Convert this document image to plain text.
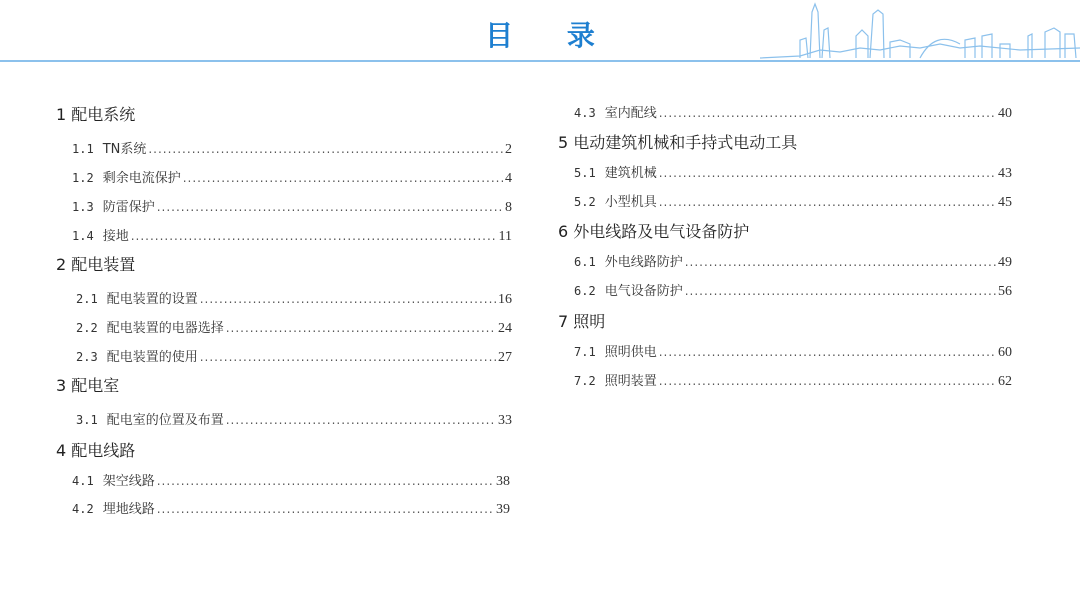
目 录
1 配电系统
1.1 TN系统 .....	2
1.2 剩余电流保护 .....	4
1.3 防雷保护 .....	8
1.4 接地 .....	11
2 配电装置
2.1 配电装置的设置 .....	16
2.2 配电装置的电器选择 .....	24
2.3 配电装置的使用 .....	27
3 配电室
3.1 配电室的位置及布置 .....	33
4 配电线路
4.1 架空线路 .....	38
4.2 埋地线路 .....	39
4.3 室内配线 .....	40
5 电动建筑机械和手持式电动工具
5.1 建筑机械 .....	43
5.2 小型机具 .....	45
6 外电线路及电气设备防护
6.1 外电线路防护 .....	49
6.2 电气设备防护 .....	56
7 照明
7.1 照明供电 .....	60
7.2 照明装置 .....	62
